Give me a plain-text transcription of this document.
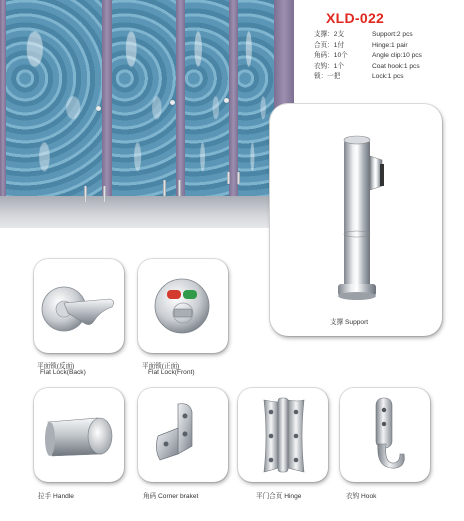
XLD-022
支撑：2支	Support:2 pcs
合页：1付	Hinge:1 pair
角码：10个	Angle clip:10 pcs
衣钩：1个	Coat hook:1 pcs
锁：一把	Lock:1 pcs
支撑 Support
平面锁(反面)
Flat Lock(Back)
平面锁(正面)
Flat Lock(Front)
拉手 Handle	角码 Corner braket	平门合页 Hinge	衣钩 Hook
